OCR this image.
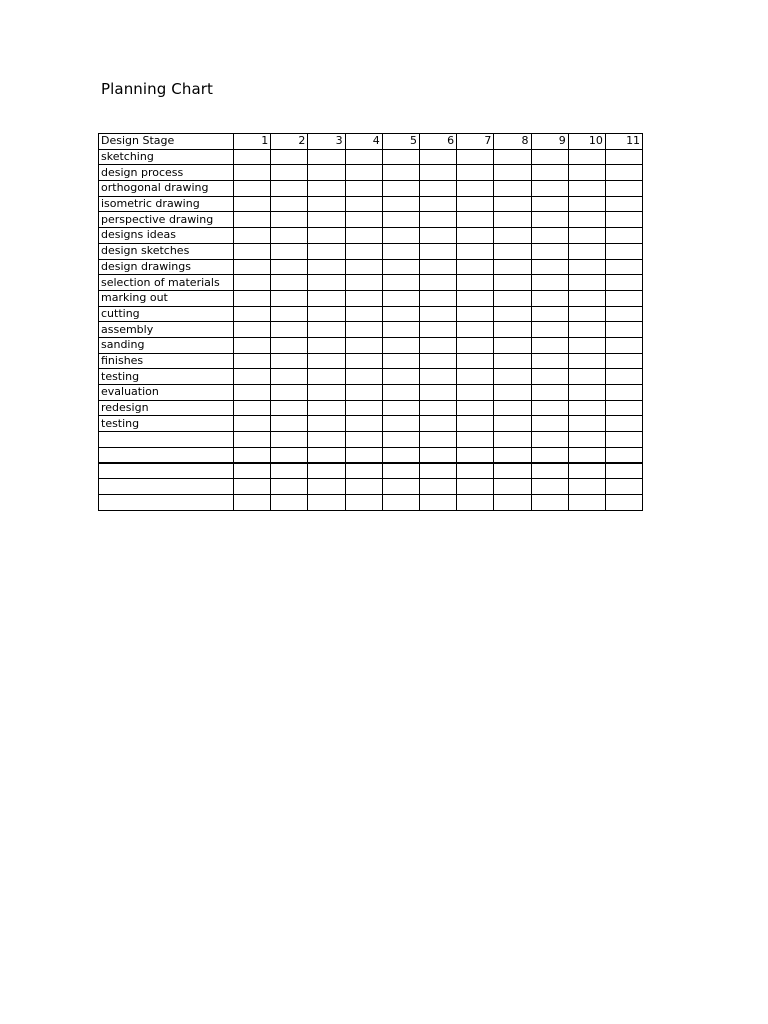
Planning Chart
Design Stage	1	2	3	4	5	6	7	8	9	10	11
sketching											
design process											
orthogonal drawing											
isometric drawing											
perspective drawing											
designs ideas											
design sketches											
design drawings											
selection of materials											
marking out											
cutting											
assembly											
sanding											
finishes											
testing											
evaluation											
redesign											
testing											
